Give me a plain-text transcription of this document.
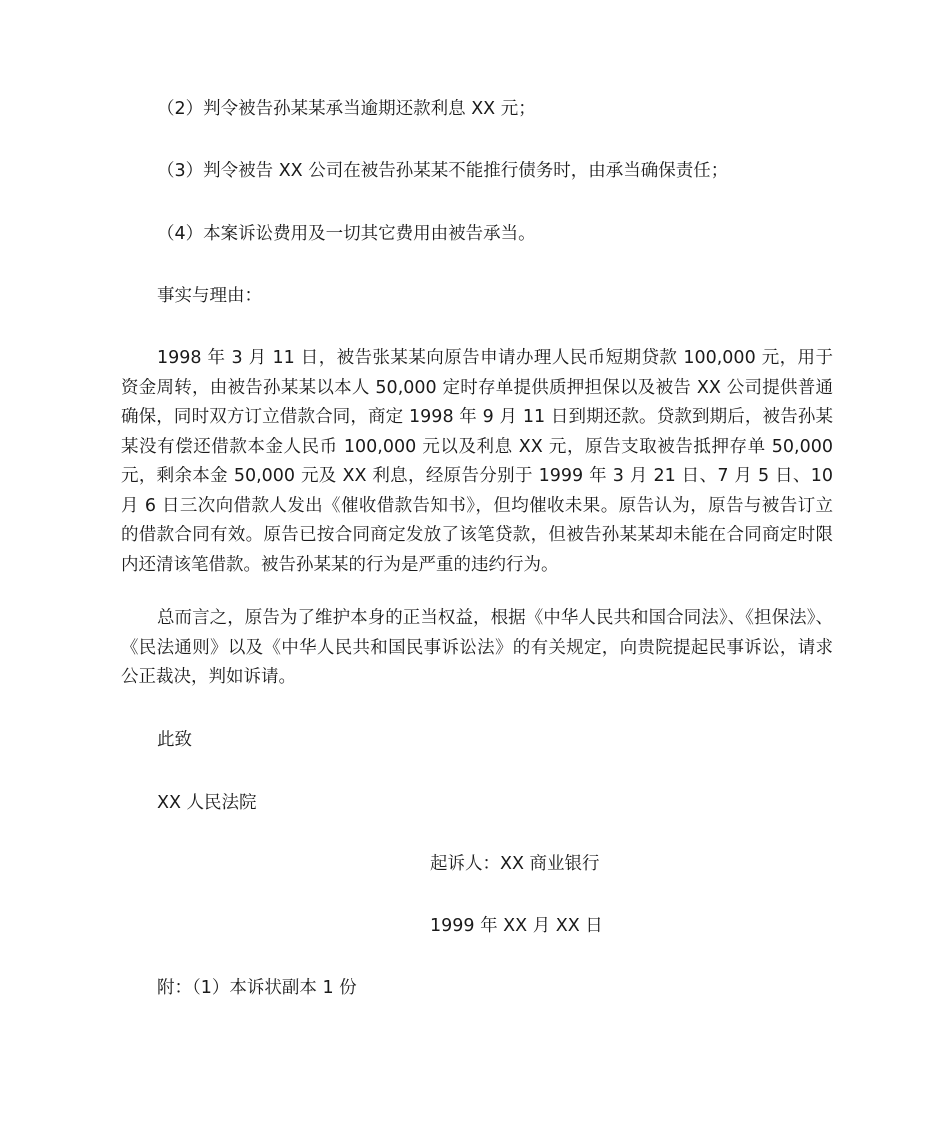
（2）判令被告孙某某承当逾期还款利息 XX 元；
（3）判令被告 XX 公司在被告孙某某不能推行债务时，由承当确保责任；
（4）本案诉讼费用及一切其它费用由被告承当。
事实与理由：
1998 年 3 月 11 日，被告张某某向原告申请办理人民币短期贷款 100,000 元，用于资金周转，由被告孙某某以本人 50,000 定时存单提供质押担保以及被告 XX 公司提供普通确保，同时双方订立借款合同，商定 1998 年 9 月 11 日到期还款。贷款到期后，被告孙某某没有偿还借款本金人民币 100,000 元以及利息 XX 元，原告支取被告抵押存单 50,000 元，剩余本金 50,000 元及 XX 利息，经原告分别于 1999 年 3 月 21 日、7 月 5 日、10 月 6 日三次向借款人发出《催收借款告知书》，但均催收未果。原告认为，原告与被告订立的借款合同有效。原告已按合同商定发放了该笔贷款，但被告孙某某却未能在合同商定时限内还清该笔借款。被告孙某某的行为是严重的违约行为。
总而言之，原告为了维护本身的正当权益，根据《中华人民共和国合同法》、《担保法》、《民法通则》以及《中华人民共和国民事诉讼法》的有关规定，向贵院提起民事诉讼，请求公正裁决，判如诉请。
此致
XX 人民法院
起诉人：XX 商业银行
1999 年 XX 月 XX 日
附：（1）本诉状副本 1 份
